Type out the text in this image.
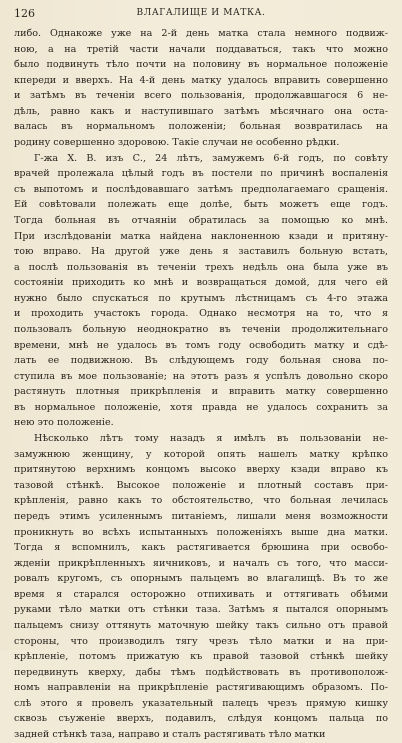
126	ВЛАГАЛИЩЕ И МАТКА.
либо. Однакоже уже на 2-й день матка стала немного подвиж-
ною, а на третій части начали поддаваться, такъ что можно
было подвинуть тѣло почти на половину въ нормальное положеніе
кпереди и вверхъ. На 4-й день матку удалось вправить совершенно
и затѣмъ въ теченіи всего пользованія, продолжавшагося 6 не-
дѣль, равно какъ и наступившаго затѣмъ мѣсячнаго она оста-
валась въ нормальномъ положеніи; больная возвратилась на
родину совершенно здоровою. Такіе случаи не особенно рѣдки.
Г-жа Х. В. изъ С., 24 лѣтъ, замужемъ 6-й годъ, по совѣту
врачей пролежала цѣлый годъ въ постели по причинѣ воспаленія
съ выпотомъ и послѣдовавшаго затѣмъ предполагаемаго сращенія.
Ей совѣтовали полежать еще долѣе, быть можетъ еще годъ.
Тогда больная въ отчаяніи обратилась за помощью ко мнѣ.
При изслѣдованіи матка найдена наклоненною кзади и притяну-
тою вправо. На другой уже день я заставилъ больную встать,
а послѣ пользованія въ теченіи трехъ недѣль она была уже въ
состояніи приходить ко мнѣ и возвращаться домой, для чего ей
нужно было спускаться по крутымъ лѣстницамъ съ 4-го этажа
и проходить участокъ города. Однако несмотря на то, что я
пользовалъ больную неоднократно въ теченіи продолжительнаго
времени, мнѣ не удалось въ томъ году освободить матку и сдѣ-
лать ее подвижною. Въ слѣдующемъ году больная снова по-
ступила въ мое пользованіе; на этотъ разъ я успѣлъ довольно скоро
растянуть плотныя прикрѣпленія и вправить матку совершенно
въ нормальное положеніе, хотя правда не удалось сохранить за
нею это положеніе.
Нѣсколько лѣтъ тому назадъ я имѣлъ въ пользованіи не-
замужнюю женщину, у которой опять нашелъ матку крѣпко
притянутою верхнимъ концомъ высоко вверху кзади вправо къ
тазовой стѣнкѣ. Высокое положеніе и плотный составъ при-
крѣпленія, равно какъ то обстоятельство, что больная лечилась
передъ этимъ усиленнымъ питаніемъ, лишали меня возможности
проникнуть во всѣхъ испытанныхъ положеніяхъ выше дна матки.
Тогда я вспомнилъ, какъ растягивается брюшина при освобо-
жденіи прикрѣпленныхъ яичниковъ, и началъ съ того, что масси-
ровалъ кругомъ, съ опорнымъ пальцемъ во влагалищѣ. Въ то же
время я старался осторожно отпихивать и оттягивать обѣими
руками тѣло матки отъ стѣнки таза. Затѣмъ я пытался опорнымъ
пальцемъ снизу оттянуть маточную шейку такъ сильно отъ правой
стороны, что производилъ тягу чрезъ тѣло матки и на при-
крѣпленіе, потомъ прижатую къ правой тазовой стѣнкѣ шейку
передвинуть кверху, дабы тѣмъ подѣйствовать въ противополож-
номъ направленіи на прикрѣпленіе растягивающимъ образомъ. По-
слѣ этого я провелъ указательный палецъ чрезъ прямую кишку
сквозь съуженіе вверхъ, подавилъ, слѣдуя концомъ пальца по
задней стѣнкѣ таза, направо и сталъ растягивать тѣло матки
